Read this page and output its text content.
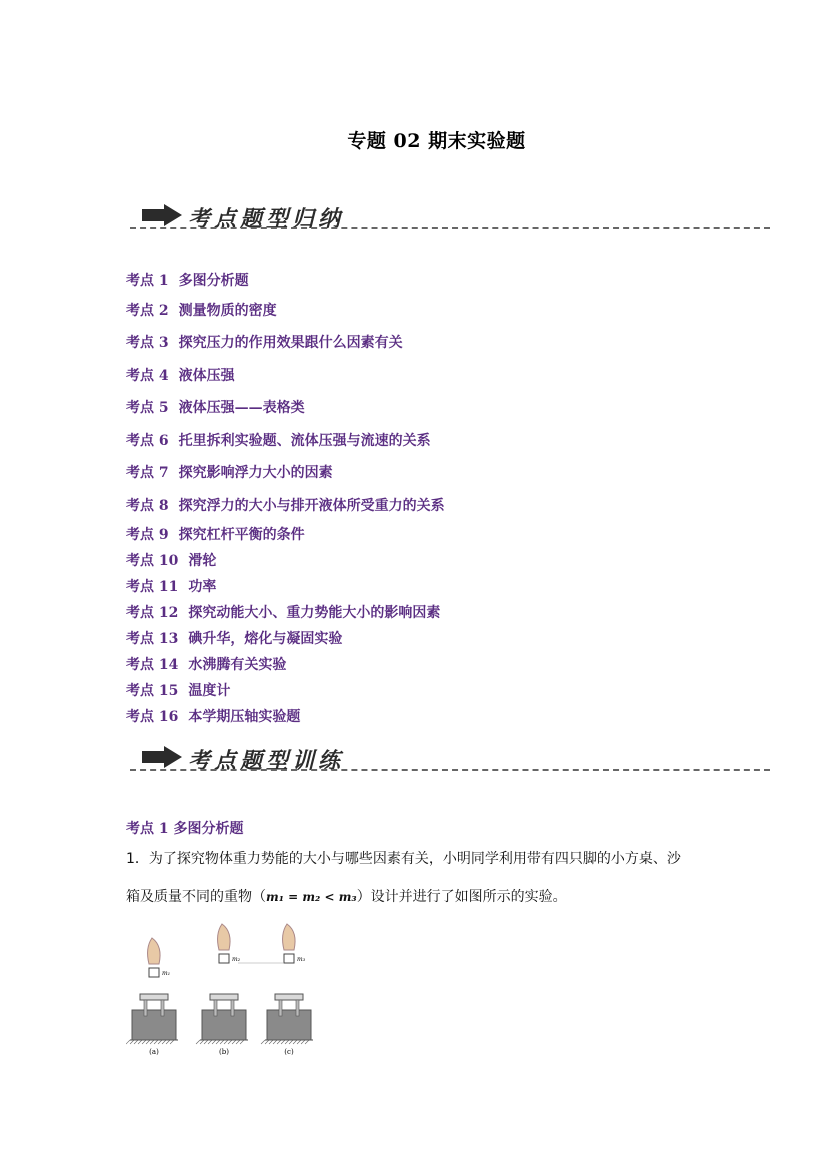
专题 02 期末实验题
考点题型归纳
考点 1 多图分析题
考点 2 测量物质的密度
考点 3 探究压力的作用效果跟什么因素有关
考点 4 液体压强
考点 5 液体压强——表格类
考点 6 托里拆利实验题、流体压强与流速的关系
考点 7 探究影响浮力大小的因素
考点 8 探究浮力的大小与排开液体所受重力的关系
考点 9 探究杠杆平衡的条件
考点 10 滑轮
考点 11 功率
考点 12 探究动能大小、重力势能大小的影响因素
考点 13 碘升华，熔化与凝固实验
考点 14 水沸腾有关实验
考点 15 温度计
考点 16 本学期压轴实验题
考点题型训练
考点 1 多图分析题
1．为了探究物体重力势能的大小与哪些因素有关，小明同学利用带有四只脚的小方桌、沙
箱及质量不同的重物（m₁ = m₂ < m₃）设计并进行了如图所示的实验。
m₁
(a)
m₂
(b)
m₃
(c)
